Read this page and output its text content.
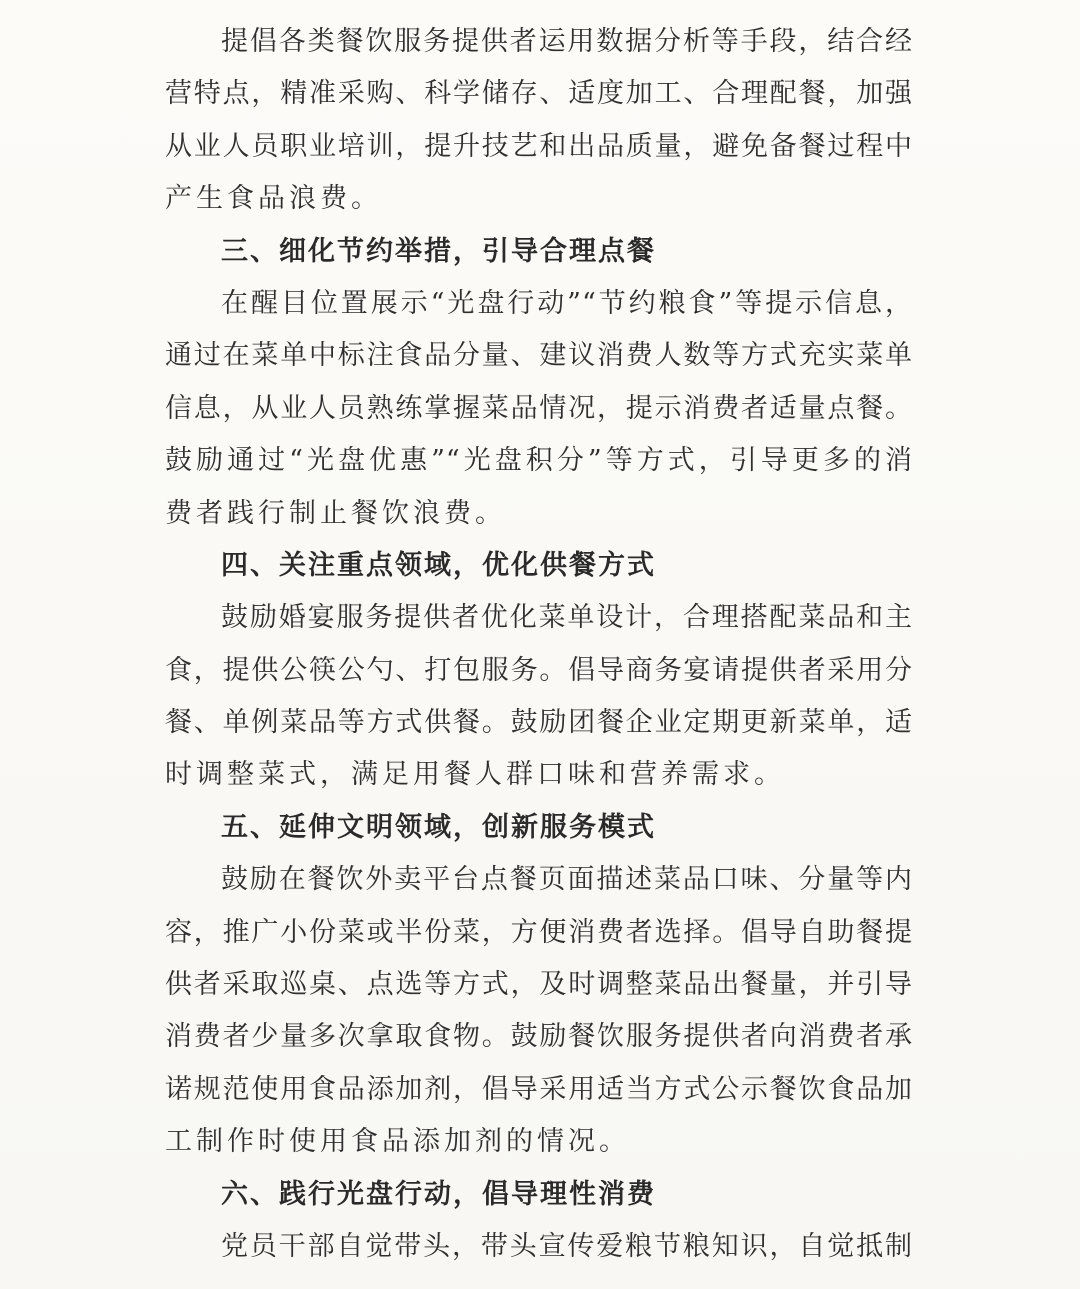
提倡各类餐饮服务提供者运用数据分析等手段，结合经
营特点，精准采购、科学储存、适度加工、合理配餐，加强
从业人员职业培训，提升技艺和出品质量，避免备餐过程中
产生食品浪费。
三、细化节约举措，引导合理点餐
在醒目位置展示“光盘行动”“节约粮食”等提示信息，
通过在菜单中标注食品分量、建议消费人数等方式充实菜单
信息，从业人员熟练掌握菜品情况，提示消费者适量点餐。
鼓励通过“光盘优惠”“光盘积分”等方式，引导更多的消
费者践行制止餐饮浪费。
四、关注重点领域，优化供餐方式
鼓励婚宴服务提供者优化菜单设计，合理搭配菜品和主
食，提供公筷公勺、打包服务。倡导商务宴请提供者采用分
餐、单例菜品等方式供餐。鼓励团餐企业定期更新菜单，适
时调整菜式，满足用餐人群口味和营养需求。
五、延伸文明领域，创新服务模式
鼓励在餐饮外卖平台点餐页面描述菜品口味、分量等内
容，推广小份菜或半份菜，方便消费者选择。倡导自助餐提
供者采取巡桌、点选等方式，及时调整菜品出餐量，并引导
消费者少量多次拿取食物。鼓励餐饮服务提供者向消费者承
诺规范使用食品添加剂，倡导采用适当方式公示餐饮食品加
工制作时使用食品添加剂的情况。
六、践行光盘行动，倡导理性消费
党员干部自觉带头，带头宣传爱粮节粮知识，自觉抵制
